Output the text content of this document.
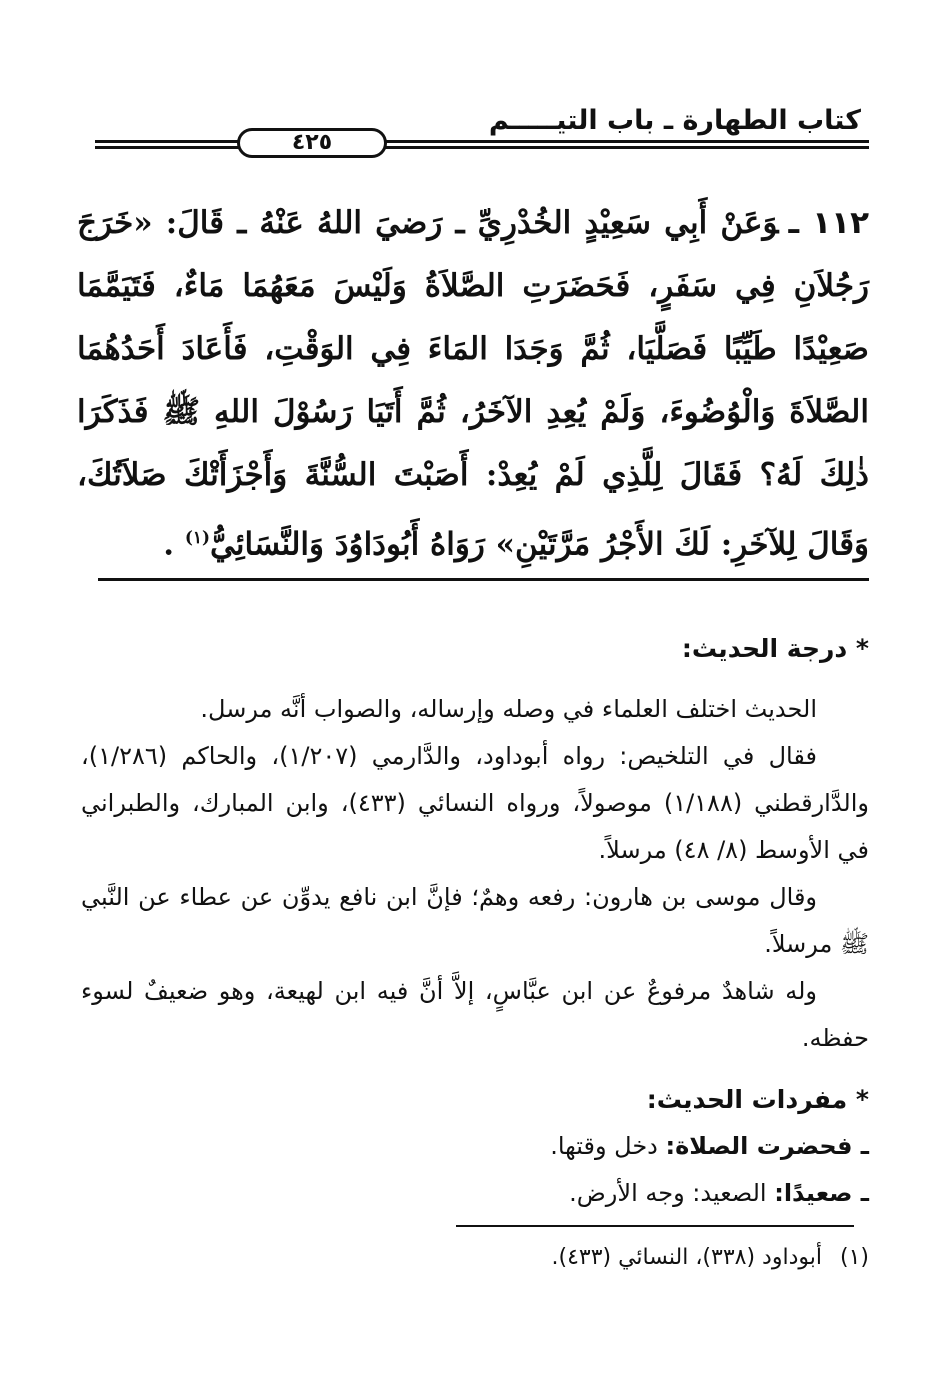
كتاب الطهارة ـ باب التيـــــم
٤٢٥
١١٢ ـوَعَنْ أَبِي سَعِيْدٍ الخُدْرِيِّ ـ رَضيَ اللهُ عَنْهُ ـ قَالَ: «خَرَجَ رَجُلاَنِ فِي سَفَرٍ، فَحَضَرَتِ الصَّلاَةُ وَلَيْسَ مَعَهُمَا مَاءٌ، فَتَيَمَّمَا صَعِيْدًا طَيِّبًا فَصَلَّيَا، ثُمَّ وَجَدَا المَاءَ فِي الوَقْتِ، فَأَعَادَ أَحَدُهُمَا الصَّلاَةَ وَالْوُضُوءَ، وَلَمْ يُعِدِ الآخَرُ، ثُمَّ أَتَيَا رَسُوْلَ اللهِ ﷺ فَذَكَرَا ذٰلِكَ لَهُ؟ فَقَالَ لِلَّذِي لَمْ يُعِدْ: أَصَبْتَ السُّنَّةَ وَأَجْزَأَتْكَ صَلاَتُكَ، وَقَالَ لِلآخَرِ: لَكَ الأَجْرُ مَرَّتَيْنِ» رَوَاهُ أَبُودَاوُدَ وَالنَّسَائِيُّ$^{(١)}$ .

* درجة الحديث:

الحديث اختلف العلماء في وصله وإرساله، والصواب أنَّه مرسل.

فقال في التلخيص: رواه أبوداود، والدَّارمي (١/٢٠٧)، والحاكم (١/٢٨٦)، والدَّارقطني (١/١٨٨) موصولاً، ورواه النسائي (٤٣٣)، وابن المبارك، والطبراني في الأوسط (٨/ ٤٨) مرسلاً.

وقال موسى بن هارون: رفعه وهمٌ؛ فإنَّ ابن نافع يدوِّن عن عطاء عن النَّبي ﷺ مرسلاً.

وله شاهدٌ مرفوعٌ عن ابن عبَّاسٍ، إلاَّ أنَّ فيه ابن لهيعة، وهو ضعيفٌ لسوء حفظه.

* مفردات الحديث:

ـ فحضرت الصلاة: دخل وقتها.

ـ صعيدًا: الصعيد: وجه الأرض.

(١)أبوداود (٣٣٨)، النسائي (٤٣٣).
